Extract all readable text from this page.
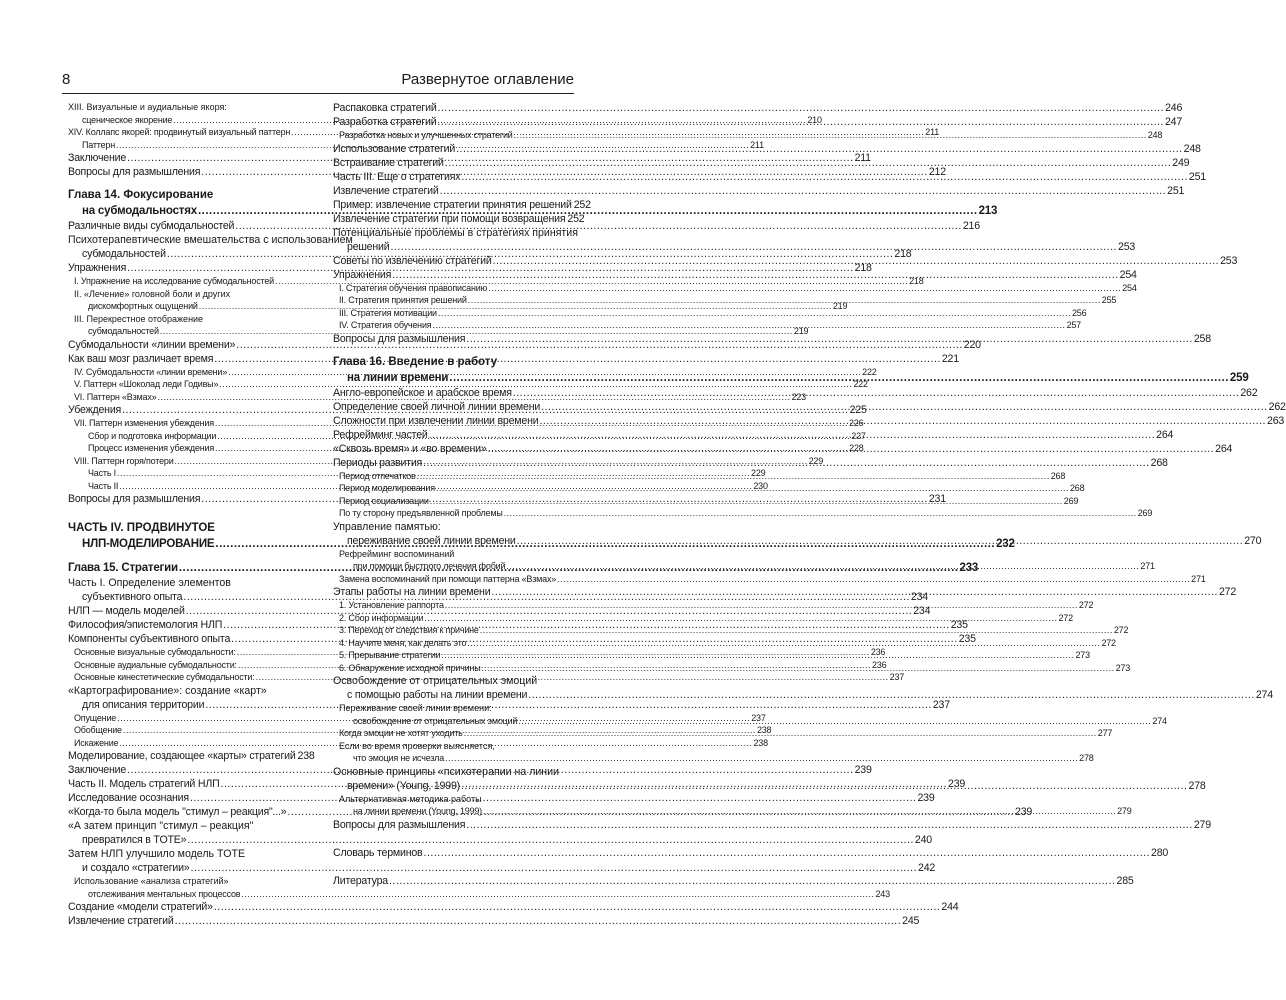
8	Развернутое оглавление
XIII. Визуальные и аудиальные якоря:
сценическое якорение .....	210
XIV. Коллапс якорей: продвинутый визуальный паттерн .....	211
Паттерн .....	211
Заключение .....	211
Вопросы для размышления .....	212
Глава 14. Фокусирование
на субмодальностях .....	213
Различные виды субмодальностей .....	216
Психотерапевтические вмешательства с использованием
субмодальностей .....	218
Упражнения .....	218
I. Упражнение на исследование субмодальностей .....	218
II. «Лечение» головной боли и других
дискомфортных ощущений .....	219
III. Перекрестное отображение
субмодальностей .....	219
Субмодальности «линии времени» .....	220
Как ваш мозг различает время .....	221
IV. Субмодальности «линии времени» .....	222
V. Паттерн «Шоколад леди Годивы» .....	222
VI. Паттерн «Взмах» .....	223
Убеждения .....	225
VII. Паттерн изменения убеждения .....	226
Сбор и подготовка информации .....	227
Процесс изменения убеждения .....	228
VIII. Паттерн горя/потери .....	229
Часть I .....	229
Часть II .....	230
Вопросы для размышления .....	231
ЧАСТЬ IV. ПРОДВИНУТОЕ
НЛП-МОДЕЛИРОВАНИЕ .....	232
Глава 15. Стратегии .....	233
Часть I. Определение элементов
субъективного опыта .....	234
НЛП — модель моделей .....	234
Философия/эпистемология НЛП .....	235
Компоненты субъективного опыта .....	235
Основные визуальные субмодальности: .....	236
Основные аудиальные субмодальности: .....	236
Основные кинестетические субмодальности: .....	237
«Картографирование»: создание «карт»
для описания территории .....	237
Опущение .....	237
Обобщение .....	238
Искажение .....	238
Моделирование, создающее «карты» стратегий 238
Заключение .....	239
Часть II. Модель стратегий НЛП .....	239
Исследование осознания .....	239
«Когда-то была модель "стимул – реакция"...» .....	239
«А затем принцип "стимул – реакция"
превратился в TOTE» .....	240
Затем НЛП улучшило модель TOTE
и создало «стратегии» .....	242
Использование «анализа стратегий»
отслеживания ментальных процессов .....	243
Создание «модели стратегий» .....	244
Извлечение стратегий .....	245
Распаковка стратегий .....	246
Разработка стратегий .....	247
Разработка новых и улучшенных стратегий .....	248
Использование стратегий .....	248
Встраивание стратегий .....	249
Часть III. Еще о стратегиях .....	251
Извлечение стратегий .....	251
Пример: извлечение стратегии принятия решений 252
Извлечение стратегии при помощи возвращения 252
Потенциальные проблемы в стратегиях принятия
решений .....	253
Советы по извлечению стратегий .....	253
Упражнения .....	254
I. Стратегия обучения правописанию .....	254
II. Стратегия принятия решений .....	255
III. Стратегия мотивации .....	256
IV. Стратегия обучения .....	257
Вопросы для размышления .....	258
Глава 16. Введение в работу
на линии времени .....	259
Англо-европейское и арабское время .....	262
Определение своей личной линии времени .....	262
Сложности при извлечении линии времени .....	263
Рефрейминг частей .....	264
«Сквозь время» и «во времени» .....	264
Периоды развития .....	268
Период отпечатков .....	268
Период моделирования .....	268
Период социализации .....	269
По ту сторону предъявленной проблемы .....	269
Управление памятью:
переживание своей линии времени .....	270
Рефрейминг воспоминаний
при помощи быстрого лечения фобий .....	271
Замена воспоминаний при помощи паттерна «Взмах» .....	271
Этапы работы на линии времени .....	272
1. Установление раппорта .....	272
2. Сбор информации .....	272
3. Переход от следствия к причине .....	272
4. Научите меня, как делать это .....	272
5. Прерывание стратегии .....	273
6. Обнаружение исходной причины .....	273
Освобождение от отрицательных эмоций
с помощью работы на линии времени .....	274
Переживание своей линии времени:
освобождение от отрицательных эмоций .....	274
Когда эмоции не хотят уходить .....	277
Если во время проверки выясняется,
что эмоция не исчезла .....	278
Основные принципы «психотерапии на линии
времени» (Young, 1999) .....	278
Альтернативная методика работы
на линии времени (Young, 1999) .....	279
Вопросы для размышления .....	279
Словарь терминов .....	280
Литература .....	285
